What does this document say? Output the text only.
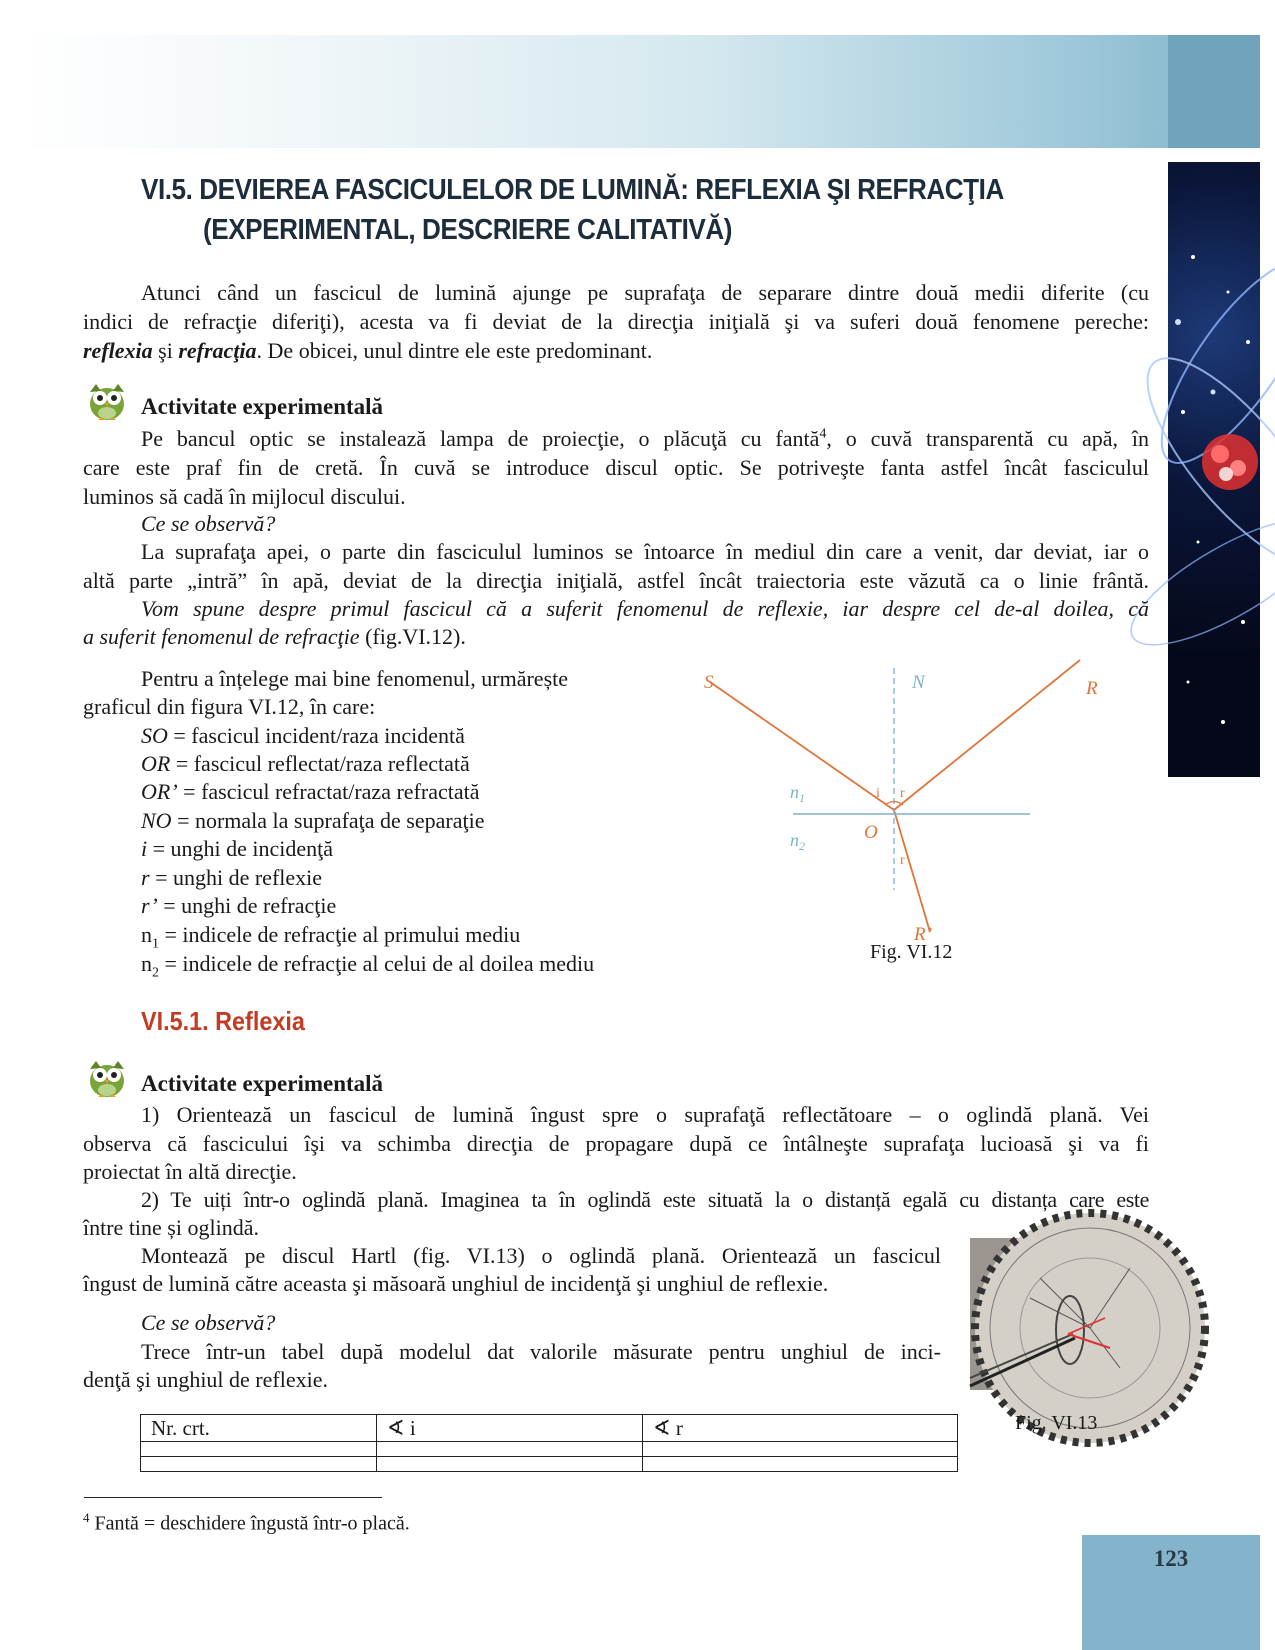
VI.5. DEVIEREA FASCICULELOR DE LUMINĂ: REFLEXIA ŞI REFRACŢIA
(EXPERIMENTAL, DESCRIERE CALITATIVĂ)
Atunci când un fascicul de lumină ajunge pe suprafaţa de separare dintre două medii diferite (cu
indici de refracţie diferiţi), acesta va fi deviat de la direcţia iniţială şi va suferi două fenomene pereche:
reflexia şi refracţia. De obicei, unul dintre ele este predominant.
Activitate experimentală
Pe bancul optic se instalează lampa de proiecţie, o plăcuţă cu fantă$^4$, o cuvă transparentă cu apă, în
care este praf fin de cretă. În cuvă se introduce discul optic. Se potriveşte fanta astfel încât fasciculul
luminos să cadă în mijlocul discului.
Ce se observă?
La suprafaţa apei, o parte din fasciculul luminos se întoarce în mediul din care a venit, dar deviat, iar o
altă parte „intră” în apă, deviat de la direcţia iniţială, astfel încât traiectoria este văzută ca o linie frântă.
Vom spune despre primul fascicul că a suferit fenomenul de reflexie, iar despre cel de-al doilea, că
a suferit fenomenul de refracţie (fig.VI.12).
Pentru a înțelege mai bine fenomenul, urmărește
graficul din figura VI.12, în care:
SO = fascicul incident/raza incidentă
OR = fascicul reflectat/raza reflectată
OR’ = fascicul refractat/raza refractată
NO = normala la suprafaţa de separaţie
i = unghi de incidenţă
r = unghi de reflexie
r’ = unghi de refracţie
$n_1$ = indicele de refracţie al primului mediu
$n_2$ = indicele de refracţie al celui de al doilea mediu
S	N	R
O
R’
i r
r’
$n_1$
$n_2$
Fig. VI.12
VI.5.1. Reflexia
Activitate experimentală
1) Orientează un fascicul de lumină îngust spre o suprafaţă reflectătoare – o oglindă plană. Vei
observa că fascicului îşi va schimba direcţia de propagare după ce întâlneşte suprafaţa lucioasă şi va fi
proiectat în altă direcţie.
2) Te uiți într-o oglindă plană. Imaginea ta în oglindă este situată la o distanță egală cu distanța care este
între tine și oglindă.
Montează pe discul Hartl (fig. VI.13) o oglindă plană. Orientează un fascicul
îngust de lumină către aceasta şi măsoară unghiul de incidenţă şi unghiul de reflexie.
Ce se observă?
Trece într-un tabel după modelul dat valorile măsurate pentru unghiul de inci-
denţă şi unghiul de reflexie.
Fig. VI.13
Nr. crt.	∢ i	∢ r

$^4$ Fantă = deschidere îngustă într-o placă.
123
